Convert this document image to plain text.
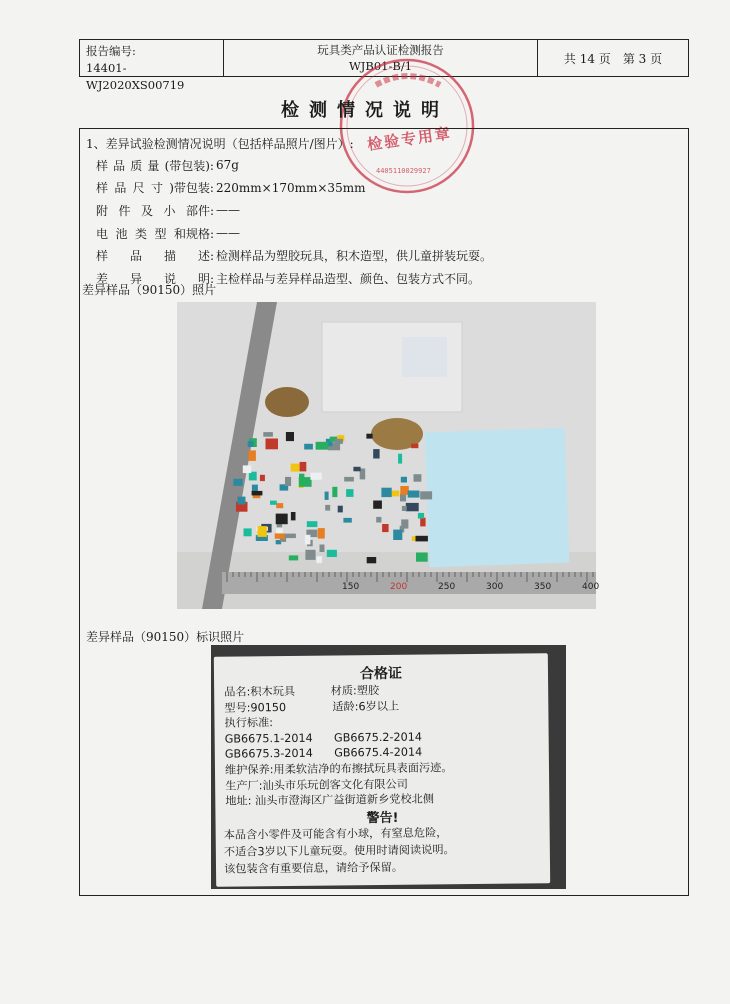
报告编号:
14401-WJ2020XS00719
玩具类产品认证检测报告
WJB01-B/1
共 14 页 第 3 页
4405110029927
检验专用章
检测情况说明
1、差异试验检测情况说明（包括样品照片/图片）:
样 品 质 量 (带包装): 67g
样 品 尺 寸 )带包装: 220mm×170mm×35mm
附 件 及 小 部件: ——
电 池 类 型 和规格: ——
样 品 描 述: 检测样品为塑胶玩具，积木造型，供儿童拼装玩耍。
差 异 说 明: 主检样品与差异样品造型、颜色、包装方式不同。
差异样品（90150）照片
150	200	250	300	350	400
差异样品（90150）标识照片
合格证
品名:积木玩具          材质:塑胶
型号:90150             适龄:6岁以上
执行标准:
GB6675.1-2014      GB6675.2-2014
GB6675.3-2014      GB6675.4-2014
维护保养:用柔软洁净的布擦拭玩具表面污迹。
生产厂:汕头市乐玩创客文化有限公司
地址: 汕头市澄海区广益街道新乡党校北侧
警告!
本品含小零件及可能含有小球，有窒息危险，
不适合3岁以下儿童玩耍。使用时请阅读说明。
该包装含有重要信息，请给予保留。
